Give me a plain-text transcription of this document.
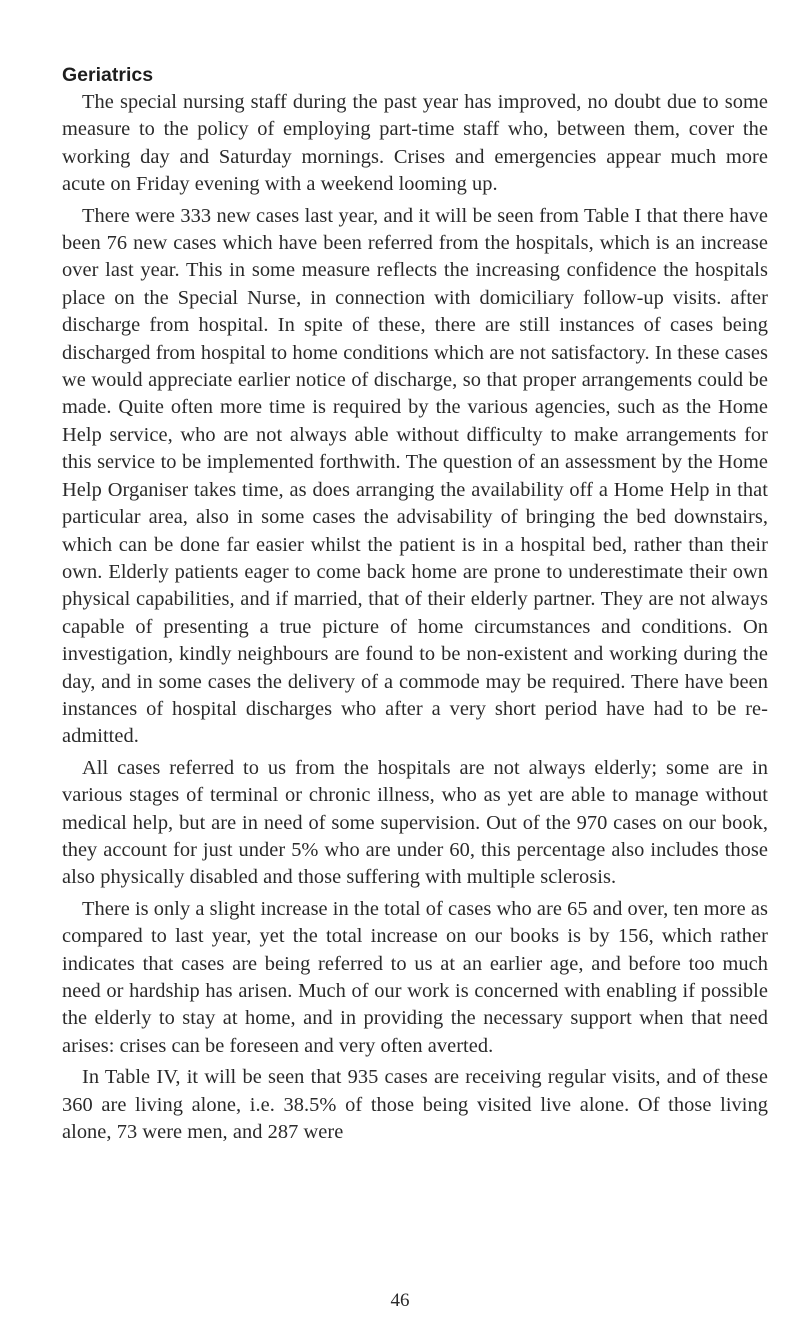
Geriatrics

The special nursing staff during the past year has improved, no doubt due to some measure to the policy of employing part-time staff who, between them, cover the working day and Saturday mornings. Crises and emergencies appear much more acute on Friday evening with a weekend looming up.

There were 333 new cases last year, and it will be seen from Table I that there have been 76 new cases which have been referred from the hospitals, which is an increase over last year. This in some measure reflects the increasing confidence the hospitals place on the Special Nurse, in connection with domiciliary follow-up visits. after discharge from hospital. In spite of these, there are still instances of cases being discharged from hospital to home conditions which are not satisfactory. In these cases we would appreciate earlier notice of discharge, so that proper arrangements could be made. Quite often more time is required by the various agencies, such as the Home Help service, who are not always able without difficulty to make arrangements for this service to be implemented forthwith. The question of an assessment by the Home Help Organiser takes time, as does arranging the availability off a Home Help in that particular area, also in some cases the advisability of bringing the bed downstairs, which can be done far easier whilst the patient is in a hospital bed, rather than their own. Elderly patients eager to come back home are prone to underestimate their own physical capabilities, and if married, that of their elderly partner. They are not always capable of presenting a true picture of home circumstances and conditions. On investigation, kindly neighbours are found to be non-existent and working during the day, and in some cases the delivery of a commode may be required. There have been instances of hospital discharges who after a very short period have had to be re-admitted.

All cases referred to us from the hospitals are not always elderly; some are in various stages of terminal or chronic illness, who as yet are able to manage without medical help, but are in need of some supervision. Out of the 970 cases on our book, they account for just under 5% who are under 60, this percentage also includes those also physically disabled and those suffering with multiple sclerosis.

There is only a slight increase in the total of cases who are 65 and over, ten more as compared to last year, yet the total increase on our books is by 156, which rather indicates that cases are being referred to us at an earlier age, and before too much need or hardship has arisen. Much of our work is concerned with enabling if possible the elderly to stay at home, and in providing the necessary support when that need arises: crises can be foreseen and very often averted.

In Table IV, it will be seen that 935 cases are receiving regular visits, and of these 360 are living alone, i.e. 38.5% of those being visited live alone. Of those living alone, 73 were men, and 287 were

46
